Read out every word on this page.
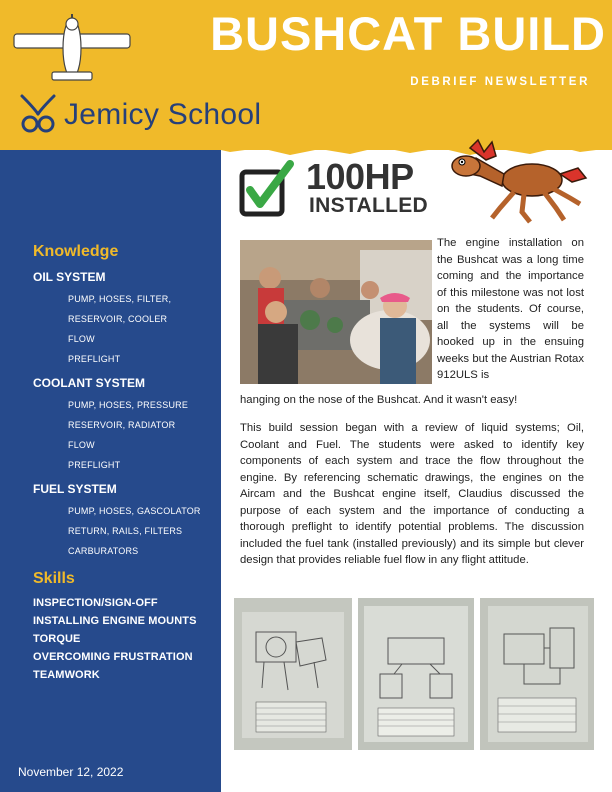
BUSHCAT BUILD
DEBRIEF NEWSLETTER
Jemicy School
Knowledge
OIL SYSTEM
PUMP, HOSES, FILTER,
RESERVOIR, COOLER
FLOW
PREFLIGHT
COOLANT SYSTEM
PUMP, HOSES, PRESSURE
RESERVOIR, RADIATOR
FLOW
PREFLIGHT
FUEL SYSTEM
PUMP, HOSES, GASCOLATOR
RETURN, RAILS, FILTERS
CARBURATORS
Skills
INSPECTION/SIGN-OFF
INSTALLING ENGINE MOUNTS
TORQUE
OVERCOMING FRUSTRATION
TEAMWORK
November 12, 2022
100HP
INSTALLED
The engine installation on the Bushcat was a long time coming and the importance of this milestone was not lost on the students. Of course, all the systems will be hooked up in the ensuing weeks but the Austrian Rotax 912ULS is
hanging on the nose of the Bushcat. And it wasn't easy!
This build session began with a review of liquid systems; Oil, Coolant and Fuel. The students were asked to identify key components of each system and trace the flow throughout the engine. By referencing schematic drawings, the engines on the Aircam and the Bushcat engine itself, Claudius discussed the purpose of each system and the importance of conducting a thorough preflight to identify potential problems. The discussion included the fuel tank (installed previously) and its simple but clever design that provides reliable fuel flow in any flight attitude.
